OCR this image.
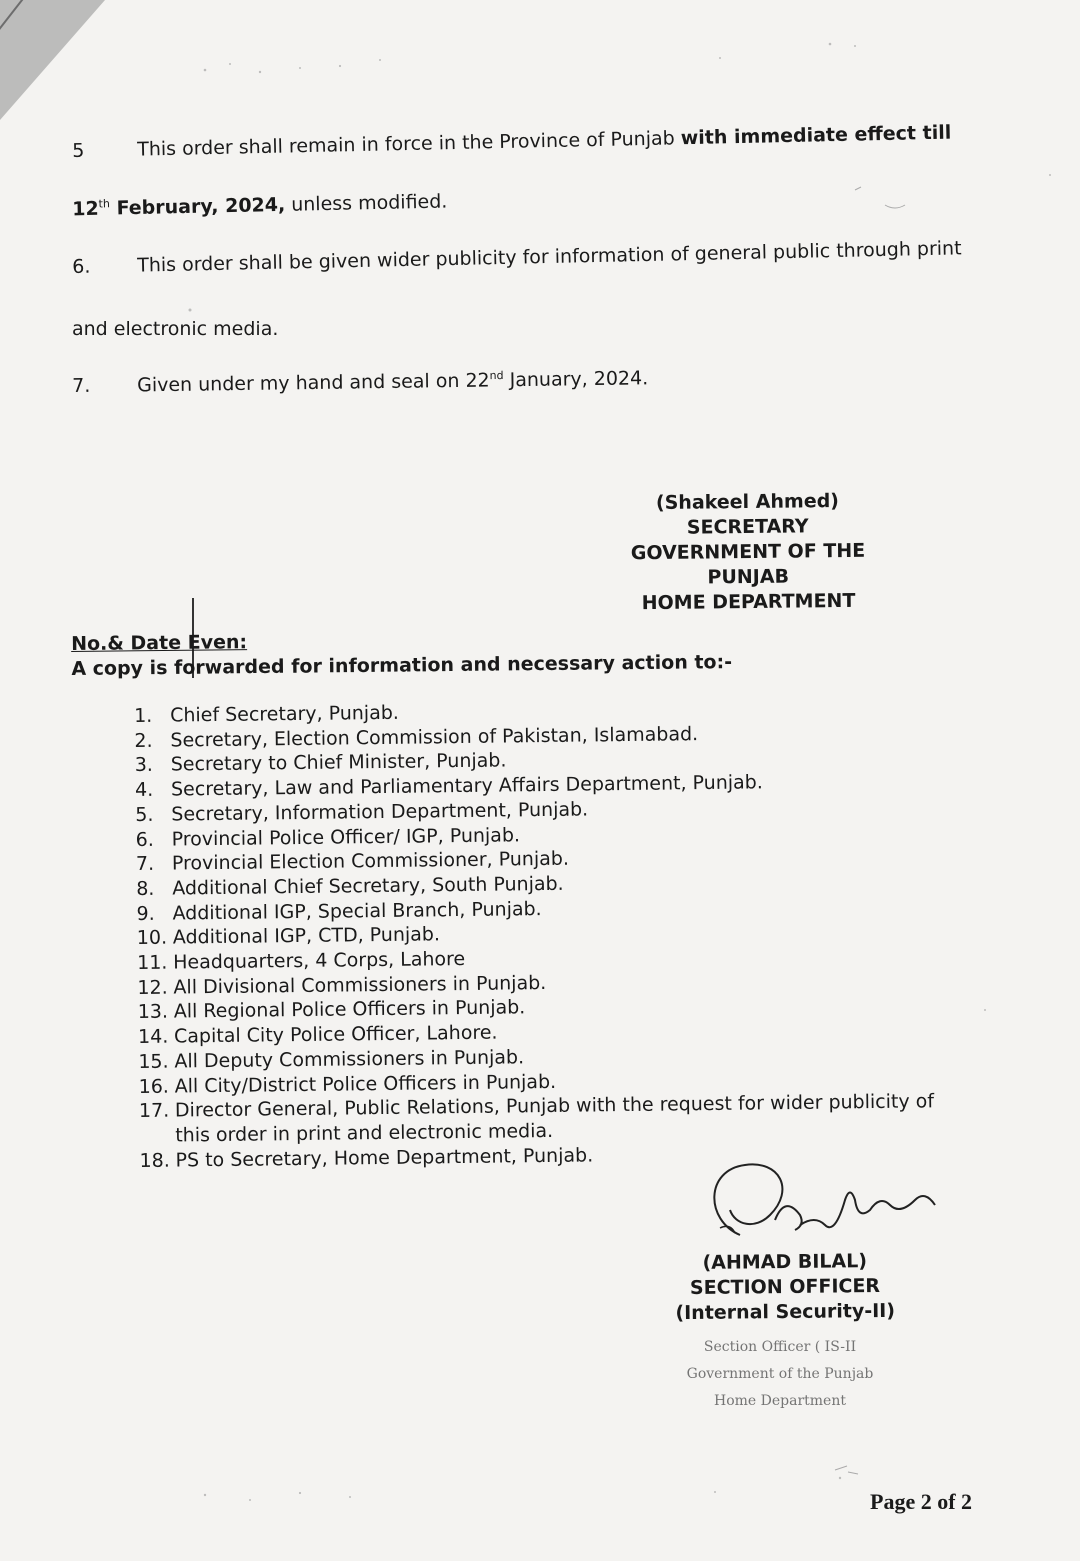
5	This order shall remain in force in the Province of Punjab with immediate effect till
12th February, 2024, unless modified.
6. This order shall be given wider publicity for information of general public through print
and electronic media.
7. Given under my hand and seal on 22nd January, 2024.
(Shakeel Ahmed)
SECRETARY
GOVERNMENT OF THE PUNJAB
HOME DEPARTMENT
No.& Date Even:
A copy is forwarded for information and necessary action to:-
1. Chief Secretary, Punjab.
2. Secretary, Election Commission of Pakistan, Islamabad.
3. Secretary to Chief Minister, Punjab.
4. Secretary, Law and Parliamentary Affairs Department, Punjab.
5. Secretary, Information Department, Punjab.
6. Provincial Police Officer/ IGP, Punjab.
7. Provincial Election Commissioner, Punjab.
8. Additional Chief Secretary, South Punjab.
9. Additional IGP, Special Branch, Punjab.
10. Additional IGP, CTD, Punjab.
11. Headquarters, 4 Corps, Lahore
12. All Divisional Commissioners in Punjab.
13. All Regional Police Officers in Punjab.
14. Capital City Police Officer, Lahore.
15. All Deputy Commissioners in Punjab.
16. All City/District Police Officers in Punjab.
17. Director General, Public Relations, Punjab with the request for wider publicity of
this order in print and electronic media.
18. PS to Secretary, Home Department, Punjab.
(AHMAD BILAL)
SECTION OFFICER
(Internal Security-II)
Section Officer ( IS-II
Government of the Punjab
Home Department
Page 2 of 2
